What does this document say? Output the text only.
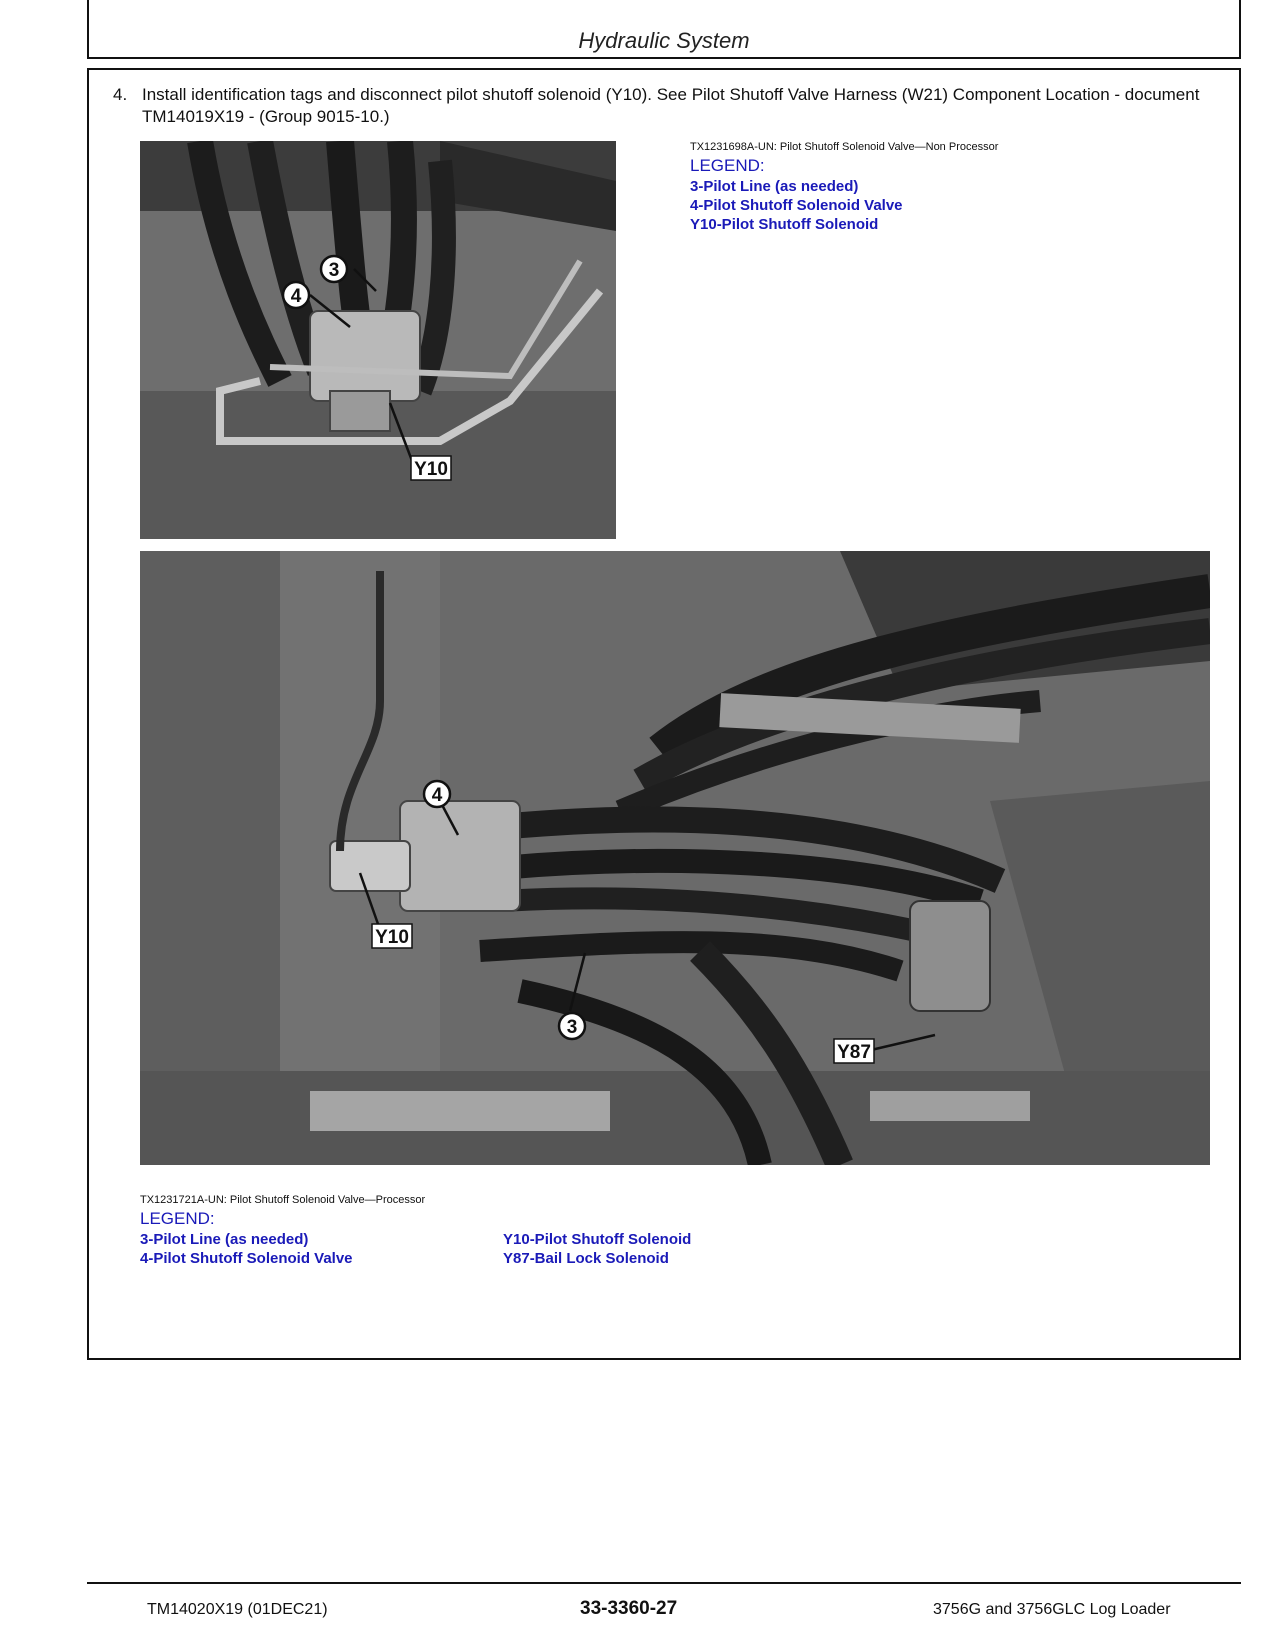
Hydraulic System
4. Install identification tags and disconnect pilot shutoff solenoid (Y10). See Pilot Shutoff Valve Harness (W21) Component Location - document TM14019X19 - (Group 9015-10.)
3
4
Y10
TX1231698A-UN: Pilot Shutoff Solenoid Valve—Non Processor
LEGEND:
3-Pilot Line (as needed)
4-Pilot Shutoff Solenoid Valve
Y10-Pilot Shutoff Solenoid
4
3
Y10
Y87
TX1231721A-UN: Pilot Shutoff Solenoid Valve—Processor
LEGEND:
3-Pilot Line (as needed)
4-Pilot Shutoff Solenoid Valve
Y10-Pilot Shutoff Solenoid
Y87-Bail Lock Solenoid
TM14020X19 (01DEC21)	33-3360-27	3756G and 3756GLC Log Loader
